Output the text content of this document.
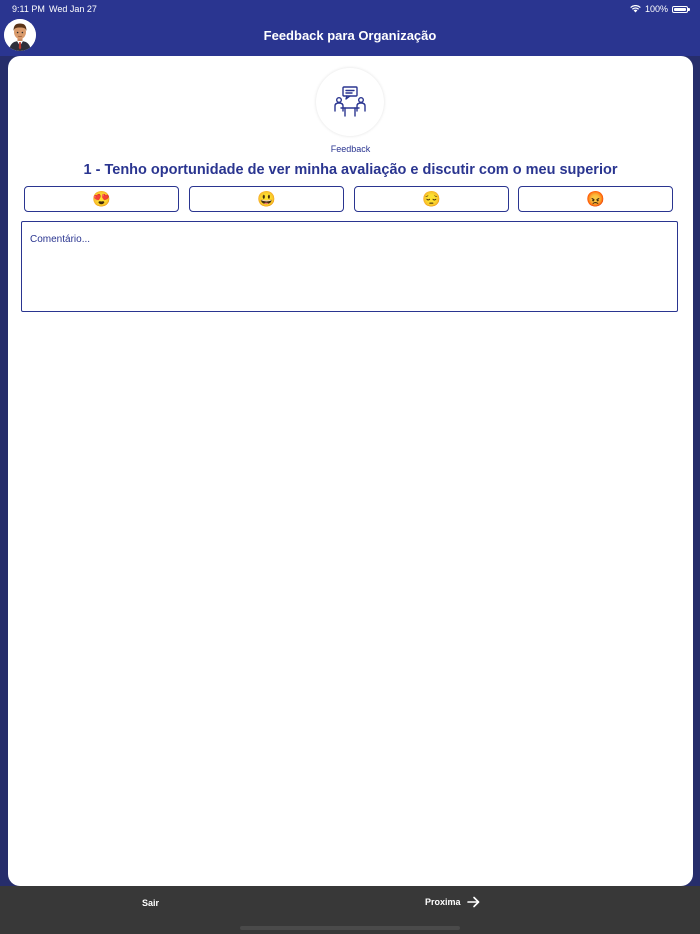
9:11 PM Wed Jan 27	100%
Feedback para Organização
Feedback
1 - Tenho oportunidade de ver minha avaliação e discutir com o meu superior
😍	😃	😔	😡
Comentário...
Sair	Proxima
